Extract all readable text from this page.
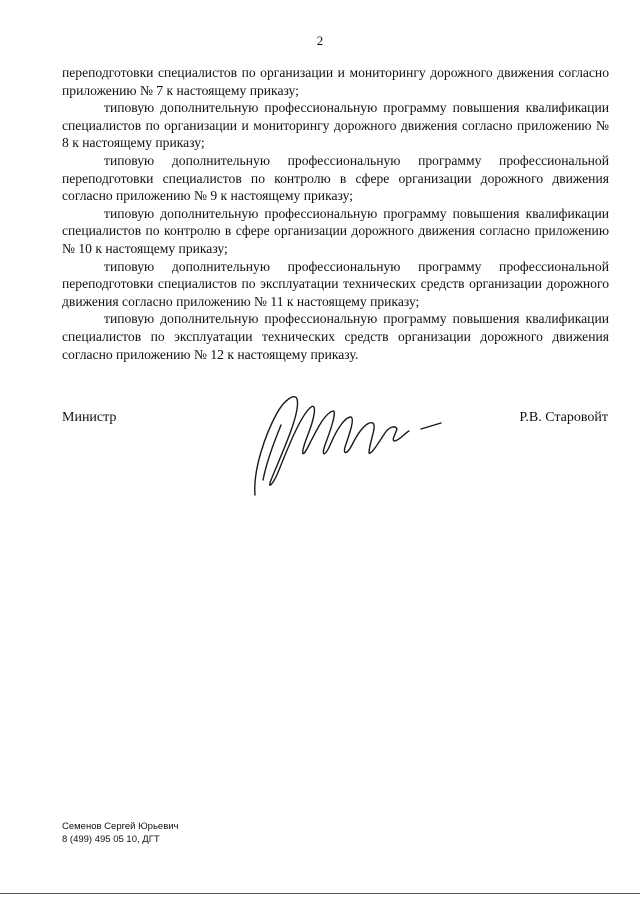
2

переподготовки специалистов по организации и мониторингу дорожного движения согласно приложению № 7 к настоящему приказу;

типовую дополнительную профессиональную программу повышения квалификации специалистов по организации и мониторингу дорожного движения согласно приложению № 8 к настоящему приказу;

типовую дополнительную профессиональную программу профессиональной переподготовки специалистов по контролю в сфере организации дорожного движения согласно приложению № 9 к настоящему приказу;

типовую дополнительную профессиональную программу повышения квалификации специалистов по контролю в сфере организации дорожного движения согласно приложению № 10 к настоящему приказу;

типовую дополнительную профессиональную программу профессиональной переподготовки специалистов по эксплуатации технических средств организации дорожного движения согласно приложению № 11 к настоящему приказу;

типовую дополнительную профессиональную программу повышения квалификации специалистов по эксплуатации технических средств организации дорожного движения согласно приложению № 12 к настоящему приказу.

Министр	Р.В. Старовойт
Семенов Сергей Юрьевич
8 (499) 495 05 10, ДГТ
